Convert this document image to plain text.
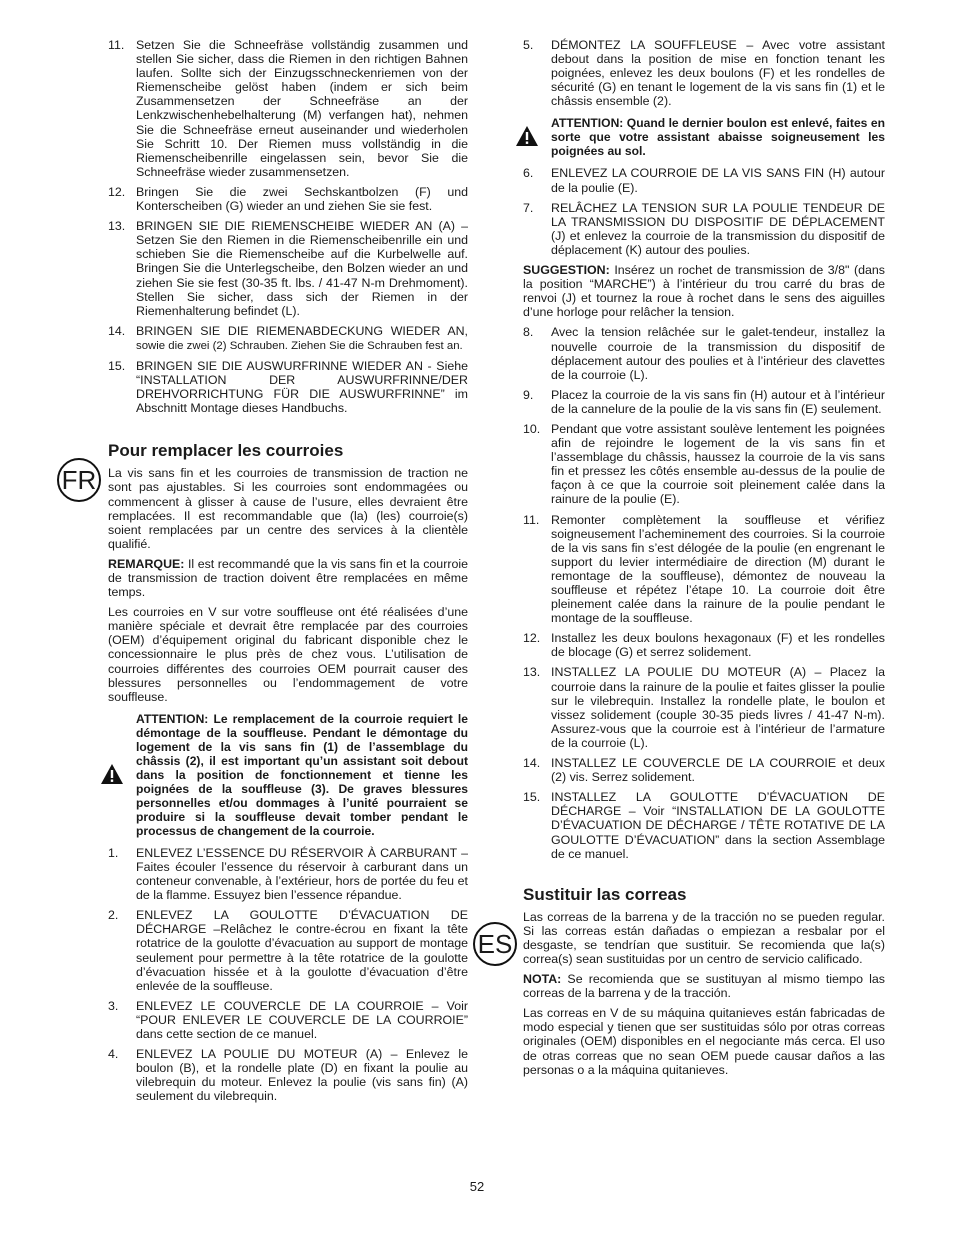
11. Setzen Sie die Schneefräse vollständig zusammen und stellen Sie sicher, dass die Riemen in den richtigen Bahnen laufen. Sollte sich der Einzugsschneckenriemen von der Riemenscheibe gelöst haben (indem er sich beim Zusammensetzen der Schneefräse an der Lenkzwischenhebelhalterung (M) verfangen hat), nehmen Sie die Schneefräse erneut auseinander und wiederholen Sie Schritt 10. Der Riemen muss vollständig in die Riemenscheibenrille eingelassen sein, bevor Sie die Schneefräse wieder zusammensetzen.
12. Bringen Sie die zwei Sechskantbolzen (F) und Konterscheiben (G) wieder an und ziehen Sie sie fest.
13. BRINGEN SIE DIE RIEMENSCHEIBE WIEDER AN (A) – Setzen Sie den Riemen in die Riemenscheibenrille ein und schieben Sie die Riemenscheibe auf die Kurbelwelle auf. Bringen Sie die Unterlegscheibe, den Bolzen wieder an und ziehen Sie sie fest (30-35 ft. lbs. / 41-47 N-m Drehmoment). Stellen Sie sicher, dass sich der Riemen in der Riemenhalterung befindet (L).
14. BRINGEN SIE DIE RIEMENABDECKUNG WIEDER AN, sowie die zwei (2) Schrauben. Ziehen Sie die Schrauben fest an.
15. BRINGEN SIE DIE AUSWURFRINNE WIEDER AN - Siehe “INSTALLATION DER AUSWURFRINNE/DER DREHVORRICHTUNG FÜR DIE AUSWURFRINNE” im Abschnitt Montage dieses Handbuchs.
Pour remplacer les courroies

La vis sans fin et les courroies de transmission de traction ne sont pas ajustables. Si les courroies sont endommagées ou commencent à glisser à cause de l’usure, elles devraient être remplacées. Il est recommandable que (la) (les) courroie(s) soient remplacées par un centre des services à la clientèle qualifié.

REMARQUE: Il est recommandé que la vis sans fin et la courroie de transmission de traction doivent être remplacées en même temps.

Les courroies en V sur votre souffleuse ont été réalisées d’une manière spéciale et devrait être remplacée par des courroies (OEM) d’équipement original du fabricant disponible chez le concessionnaire le plus près de chez vous. L’utilisation de courroies différentes des courroies OEM pourrait causer des blessures personnelles ou l’endommagement de votre souffleuse.

ATTENTION: Le remplacement de la courroie requiert le démontage de la souffleuse. Pendant le démontage du logement de la vis sans fin (1) de l’assemblage du châssis (2), il est important qu’un assistant soit debout dans la position de fonctionnement et tienne les poignées de la souffleuse (3). De graves blessures personnelles et/ou dommages à l’unité pourraient se produire si la souffleuse devait tomber pendant le processus de changement de la courroie.
1. ENLEVEZ L’ESSENCE DU RÉSERVOIR À CARBURANT – Faites écouler l’essence du réservoir à carburant dans un conteneur convenable, à l’extérieur, hors de portée du feu et de la flamme. Essuyez bien l’essence répandue.
2. ENLEVEZ LA GOULOTTE D’ÉVACUATION DE DÉCHARGE –Relâchez le contre-écrou en fixant la tête rotatrice de la goulotte d’évacuation au support de montage seulement pour permettre à la tête rotatrice de la goulotte d’évacuation hissée et à la goulotte d’évacuation d’être enlevée de la souffleuse.
3. ENLEVEZ LE COUVERCLE DE LA COURROIE – Voir “POUR ENLEVER LE COUVERCLE DE LA COURROIE” dans cette section de ce manuel.
4. ENLEVEZ LA POULIE DU MOTEUR (A) – Enlevez le boulon (B), et la rondelle plate (D) en fixant la poulie au vilebrequin du moteur. Enlevez la poulie (vis sans fin) (A) seulement du vilebrequin.
FR
5. DÉMONTEZ LA SOUFFLEUSE – Avec votre assistant debout dans la position de mise en fonction tenant les poignées, enlevez les deux boulons (F) et les rondelles de sécurité (G) en tenant le logement de la vis sans fin (1) et le châssis ensemble (2).
ATTENTION: Quand le dernier boulon est enlevé, faites en sorte que votre assistant abaisse soigneusement les poignées au sol.
6. ENLEVEZ LA COURROIE DE LA VIS SANS FIN (H) autour de la poulie (E).
7. RELÂCHEZ LA TENSION SUR LA POULIE TENDEUR DE LA TRANSMISSION DU DISPOSITIF DE DÉPLACEMENT (J) et enlevez la courroie de la transmission du dispositif de déplacement (K) autour des poulies.

SUGGESTION: Insérez un rochet de transmission de 3/8" (dans la position “MARCHE”) à l’intérieur du trou carré du bras de renvoi (J) et tournez la roue à rochet dans le sens des aiguilles d’une horloge pour relâcher la tension.

8. Avec la tension relâchée sur le galet-tendeur, installez la nouvelle courroie de la transmission du dispositif de déplacement autour des poulies et à l’intérieur des clavettes de la courroie (L).
9. Placez la courroie de la vis sans fin (H) autour et à l’intérieur de la cannelure de la poulie de la vis sans fin (E) seulement.
10. Pendant que votre assistant soulève lentement les poignées afin de rejoindre le logement de la vis sans fin et l’assemblage du châssis, haussez la courroie de la vis sans fin et pressez les côtés ensemble au-dessus de la poulie de façon à ce que la courroie soit pleinement calée dans la rainure de la poulie (E).
11. Remonter complètement la souffleuse et vérifiez soigneusement l’acheminement des courroies. Si la courroie de la vis sans fin s’est délogée de la poulie (en engrenant le support du levier intermédiaire de direction (M) durant le remontage de la souffleuse), démontez de nouveau la souffleuse et répétez l’étape 10. La courroie doit être pleinement calée dans la rainure de la poulie pendant le montage de la souffleuse.
12. Installez les deux boulons hexagonaux (F) et les rondelles de blocage (G) et serrez solidement.
13. INSTALLEZ LA POULIE DU MOTEUR (A) – Placez la courroie dans la rainure de la poulie et faites glisser la poulie sur le vilebrequin. Installez la rondelle plate, le boulon et vissez solidement (couple 30-35 pieds livres / 41-47 N-m). Assurez-vous que la courroie est à l’intérieur de l’armature de la courroie (L).
14. INSTALLEZ LE COUVERCLE DE LA COURROIE et deux (2) vis. Serrez solidement.
15. INSTALLEZ LA GOULOTTE D’ÉVACUATION DE DÉCHARGE – Voir “INSTALLATION DE LA GOULOTTE D’ÉVACUATION DE DÉCHARGE / TÊTE ROTATIVE DE LA GOULOTTE D’ÉVACUATION” dans la section Assemblage de ce manuel.
Sustituir las correas

Las correas de la barrena y de la tracción no se pueden regular. Si las correas están dañadas o empiezan a resbalar por el desgaste, se tendrían que sustituir. Se recomienda que la(s) correa(s) sean sustituidas por un centro de servicio calificado.

NOTA: Se recomienda que se sustituyan al mismo tiempo las correas de la barrena y de la tracción.

Las correas en V de su máquina quitanieves están fabricadas de modo especial y tienen que ser sustituidas sólo por otras correas originales (OEM) disponibles en el negociante más cerca. El uso de otras correas que no sean OEM puede causar daños a las personas o a la máquina quitanieves.

ES
52
